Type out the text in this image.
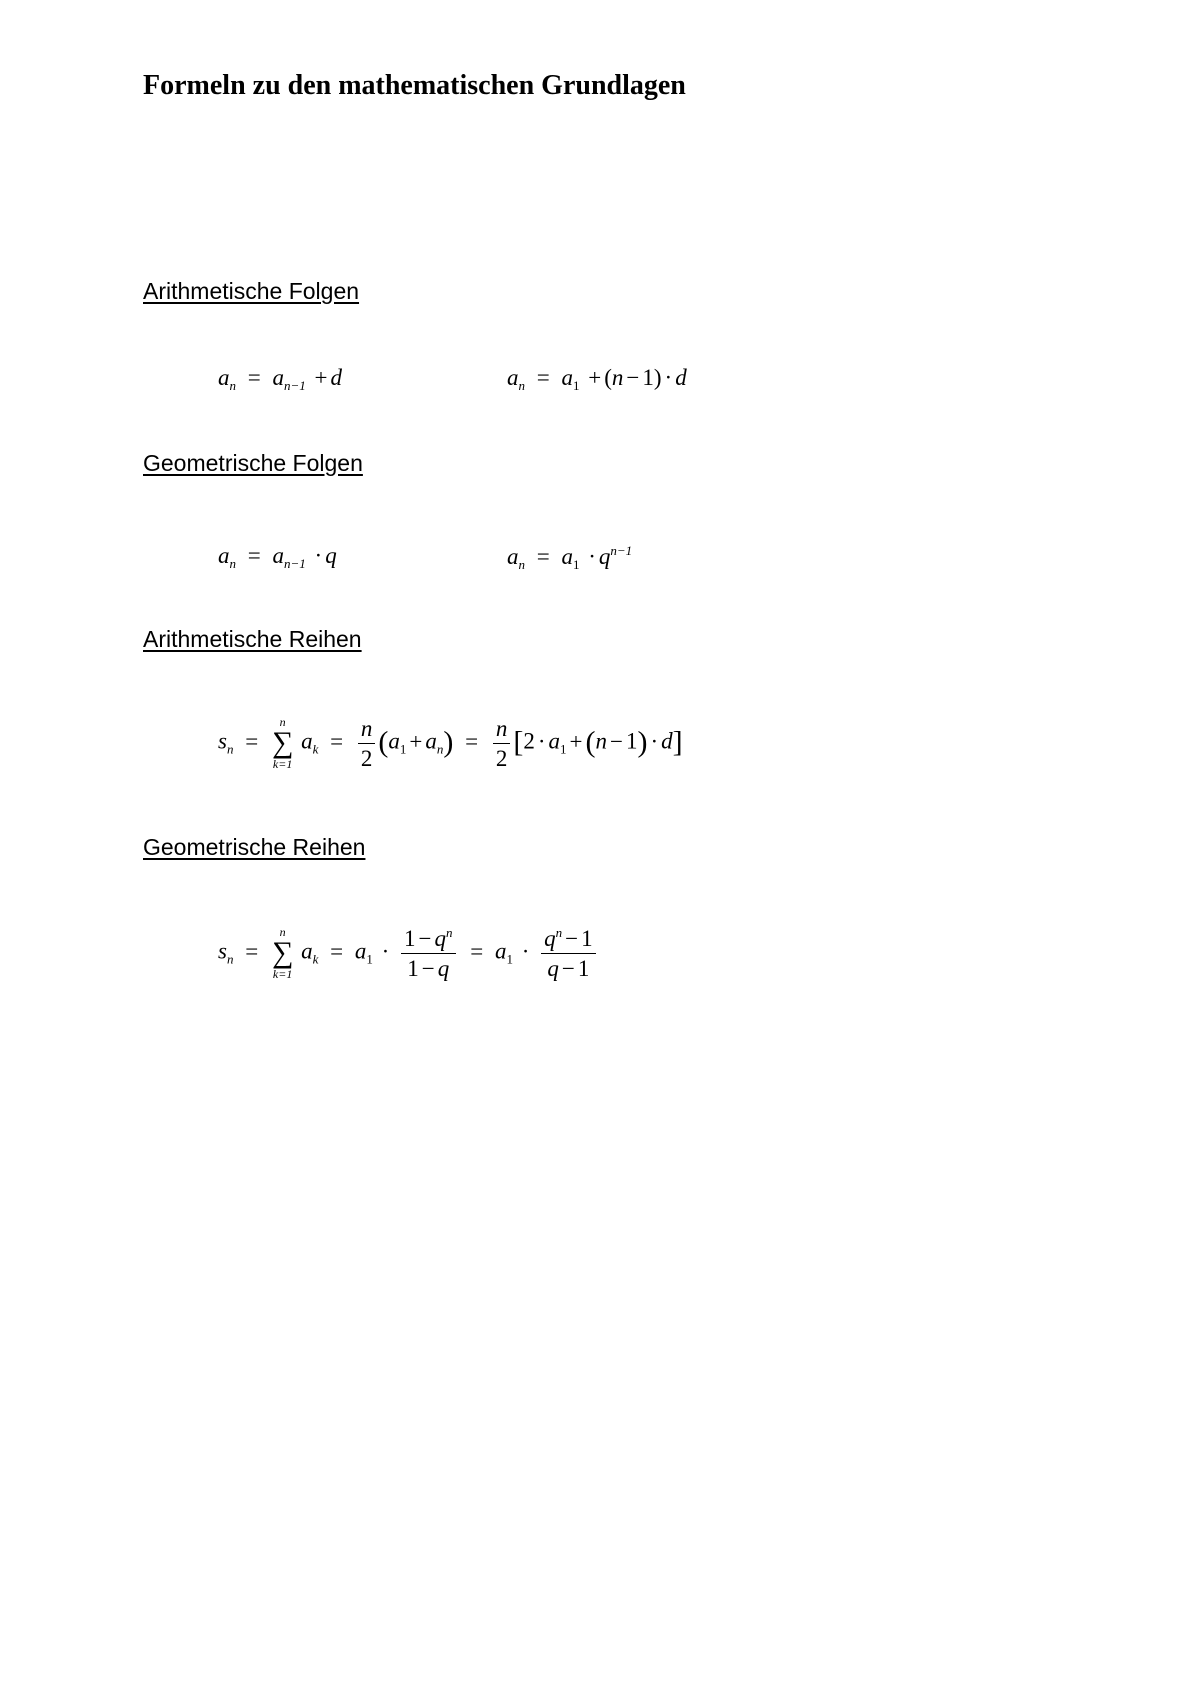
Formeln zu den mathematischen Grundlagen
Arithmetische Folgen
$a_n = a_{n-1} + d$	$a_n = a_1 + (n - 1) \cdot d$
Geometrische Folgen
$a_n = a_{n-1} \cdot q$	$a_n = a_1 \cdot q^{n-1}$
Arithmetische Reihen
$s_n$ =
n
∑
k=1
$a_k = \frac{n}{2} (a_1 + a_n) = \frac{n}{2} [2 \cdot a_1 + (n - 1) \cdot d]$
Geometrische Reihen
$s_n$ =
n
∑
k=1
$a_k = a_1 \cdot \frac{1 - q^n}{1 - q} = a_1 \cdot \frac{q^n - 1}{q - 1}$
